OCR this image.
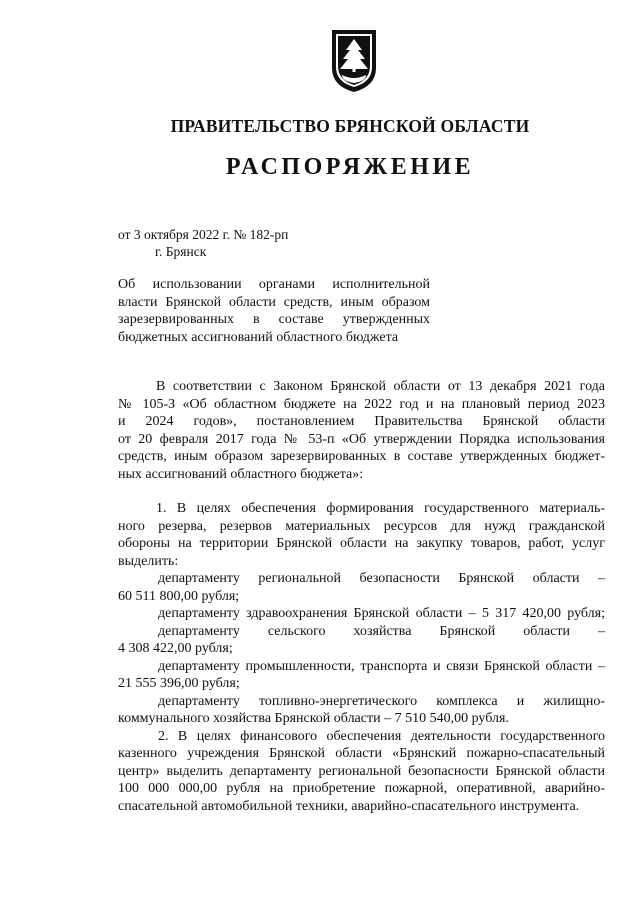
ПРАВИТЕЛЬСТВО БРЯНСКОЙ ОБЛАСТИ
РАСПОРЯЖЕНИЕ
от 3 октября 2022 г. № 182-рп
г. Брянск
Об использовании органами исполнительной
власти Брянской области средств, иным образом
зарезервированных в составе утвержденных
бюджетных ассигнований областного бюджета
В соответствии с Законом Брянской области от 13 декабря 2021 года
№ 105-З «Об областном бюджете на 2022 год и на плановый период 2023
и 2024 годов», постановлением Правительства Брянской области
от 20 февраля 2017 года № 53-п «Об утверждении Порядка использования
средств, иным образом зарезервированных в составе утвержденных бюджет-
ных ассигнований областного бюджета»:
1. В целях обеспечения формирования государственного материаль-
ного резерва, резервов материальных ресурсов для нужд гражданской
обороны на территории Брянской области на закупку товаров, работ, услуг
выделить:
департаменту региональной безопасности Брянской области –
60 511 800,00 рубля;
департаменту здравоохранения Брянской области – 5 317 420,00 рубля;
департаменту сельского хозяйства Брянской области –
4 308 422,00 рубля;
департаменту промышленности, транспорта и связи Брянской области –
21 555 396,00 рубля;
департаменту топливно-энергетического комплекса и жилищно-
коммунального хозяйства Брянской области – 7 510 540,00 рубля.
2. В целях финансового обеспечения деятельности государственного
казенного учреждения Брянской области «Брянский пожарно-спасательный
центр» выделить департаменту региональной безопасности Брянской области
100 000 000,00 рубля на приобретение пожарной, оперативной, аварийно-
спасательной автомобильной техники, аварийно-спасательного инструмента.
